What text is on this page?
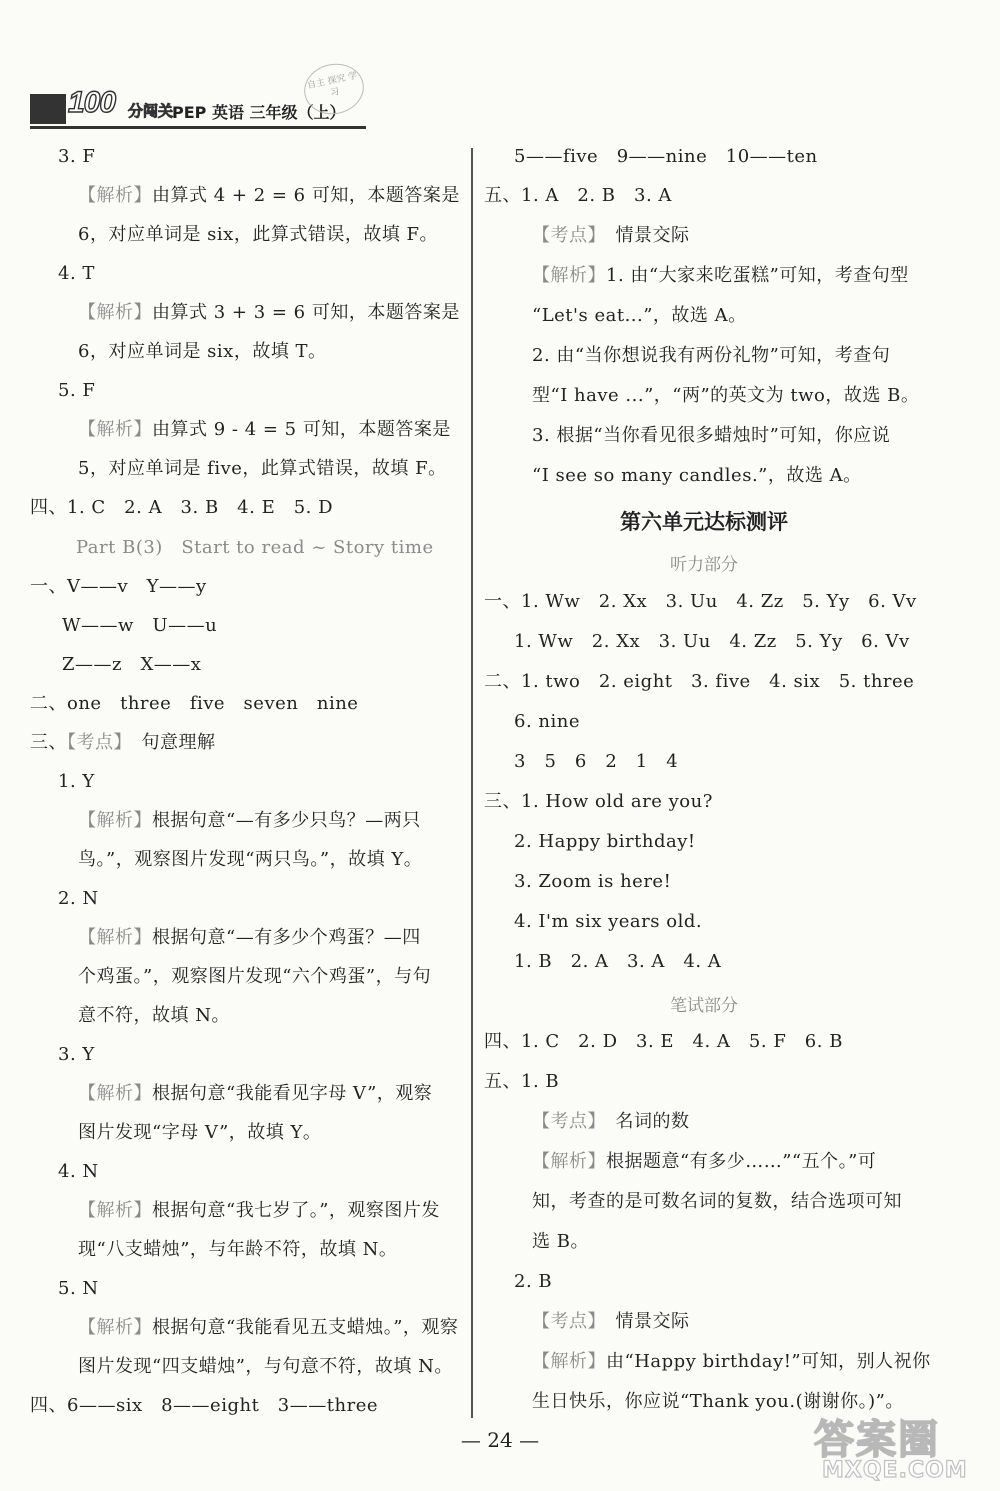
100 分闯关
PEP 英语 三年级（上）
自主 探究 学习
3. F
【解析】由算式 4 + 2 = 6 可知，本题答案是
6，对应单词是 six，此算式错误，故填 F。
4. T
【解析】由算式 3 + 3 = 6 可知，本题答案是
6，对应单词是 six，故填 T。
5. F
【解析】由算式 9 - 4 = 5 可知，本题答案是
5，对应单词是 five，此算式错误，故填 F。
四、1. C　2. A　3. B　4. E　5. D
Part B(3)　Start to read ~ Story time
一、V——v　Y——y
W——w　U——u
Z——z　X——x
二、one　three　five　seven　nine
三、【考点】　句意理解
1. Y
【解析】根据句意“—有多少只鸟？—两只
鸟。”，观察图片发现“两只鸟。”，故填 Y。
2. N
【解析】根据句意“—有多少个鸡蛋？—四
个鸡蛋。”，观察图片发现“六个鸡蛋”，与句
意不符，故填 N。
3. Y
【解析】根据句意“我能看见字母 V”，观察
图片发现“字母 V”，故填 Y。
4. N
【解析】根据句意“我七岁了。”，观察图片发
现“八支蜡烛”，与年龄不符，故填 N。
5. N
【解析】根据句意“我能看见五支蜡烛。”，观察
图片发现“四支蜡烛”，与句意不符，故填 N。
四、6——six　8——eight　3——three
5——five　9——nine　10——ten
五、1. A　2. B　3. A
【考点】　情景交际
【解析】1. 由“大家来吃蛋糕”可知，考查句型
“Let's eat...”，故选 A。
2. 由“当你想说我有两份礼物”可知，考查句
型“I have ...”，“两”的英文为 two，故选 B。
3. 根据“当你看见很多蜡烛时”可知，你应说
“I see so many candles.”，故选 A。
第六单元达标测评
听力部分
一、1. Ww　2. Xx　3. Uu　4. Zz　5. Yy　6. Vv
1. Ww　2. Xx　3. Uu　4. Zz　5. Yy　6. Vv
二、1. two　2. eight　3. five　4. six　5. three
6. nine
3　5　6　2　1　4
三、1. How old are you?
2. Happy birthday!
3. Zoom is here!
4. I'm six years old.
1. B　2. A　3. A　4. A
笔试部分
四、1. C　2. D　3. E　4. A　5. F　6. B
五、1. B
【考点】　名词的数
【解析】根据题意“有多少……”“五个。”可
知，考查的是可数名词的复数，结合选项可知
选 B。
2. B
【考点】　情景交际
【解析】由“Happy birthday!”可知，别人祝你
生日快乐，你应说“Thank you.(谢谢你。)”。
— 24 —	答案圈
MXQE.COM
